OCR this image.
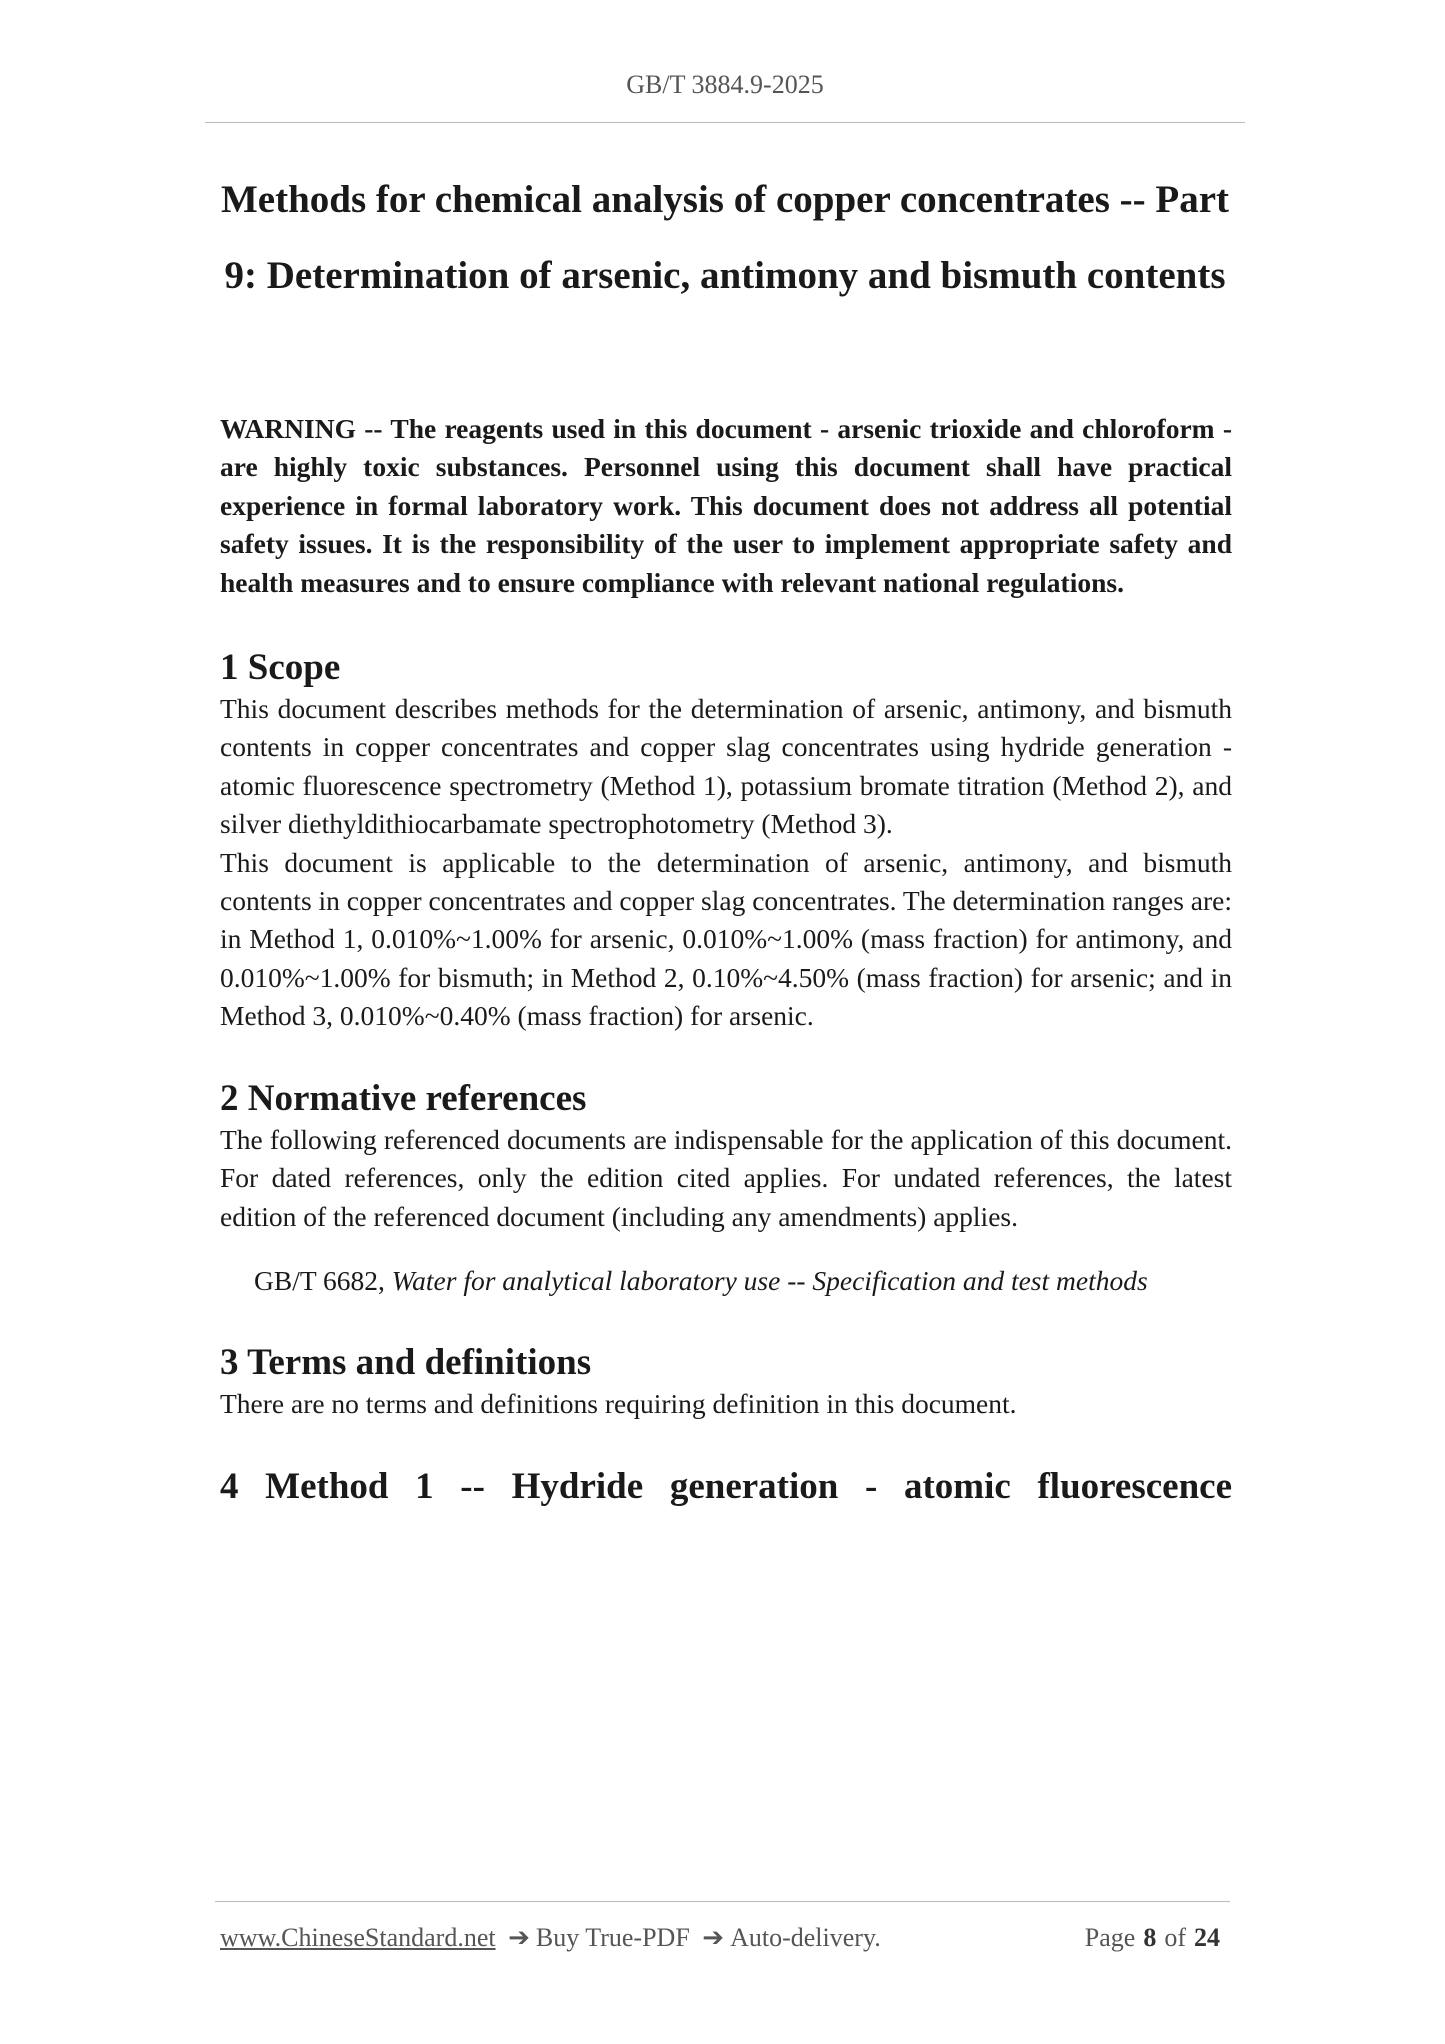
GB/T 3884.9-2025
Methods for chemical analysis of copper concentrates -- Part
9: Determination of arsenic, antimony and bismuth contents

WARNING -- The reagents used in this document - arsenic trioxide and chloroform - are highly toxic substances. Personnel using this document shall have practical experience in formal laboratory work. This document does not address all potential safety issues. It is the responsibility of the user to implement appropriate safety and health measures and to ensure compliance with relevant national regulations.

1 Scope

This document describes methods for the determination of arsenic, antimony, and bismuth contents in copper concentrates and copper slag concentrates using hydride generation - atomic fluorescence spectrometry (Method 1), potassium bromate titration (Method 2), and silver diethyldithiocarbamate spectrophotometry (Method 3).

This document is applicable to the determination of arsenic, antimony, and bismuth contents in copper concentrates and copper slag concentrates. The determination ranges are: in Method 1, 0.010%~1.00% for arsenic, 0.010%~1.00% (mass fraction) for antimony, and 0.010%~1.00% for bismuth; in Method 2, 0.10%~4.50% (mass fraction) for arsenic; and in Method 3, 0.010%~0.40% (mass fraction) for arsenic.

2 Normative references

The following referenced documents are indispensable for the application of this document. For dated references, only the edition cited applies. For undated references, the latest edition of the referenced document (including any amendments) applies.

GB/T 6682, Water for analytical laboratory use -- Specification and test methods
3 Terms and definitions

There are no terms and definitions requiring definition in this document.

4 Method 1 -- Hydride generation - atomic fluorescence
www.ChineseStandard.net ➔ Buy True-PDF ➔ Auto-delivery.	Page 8 of 24
